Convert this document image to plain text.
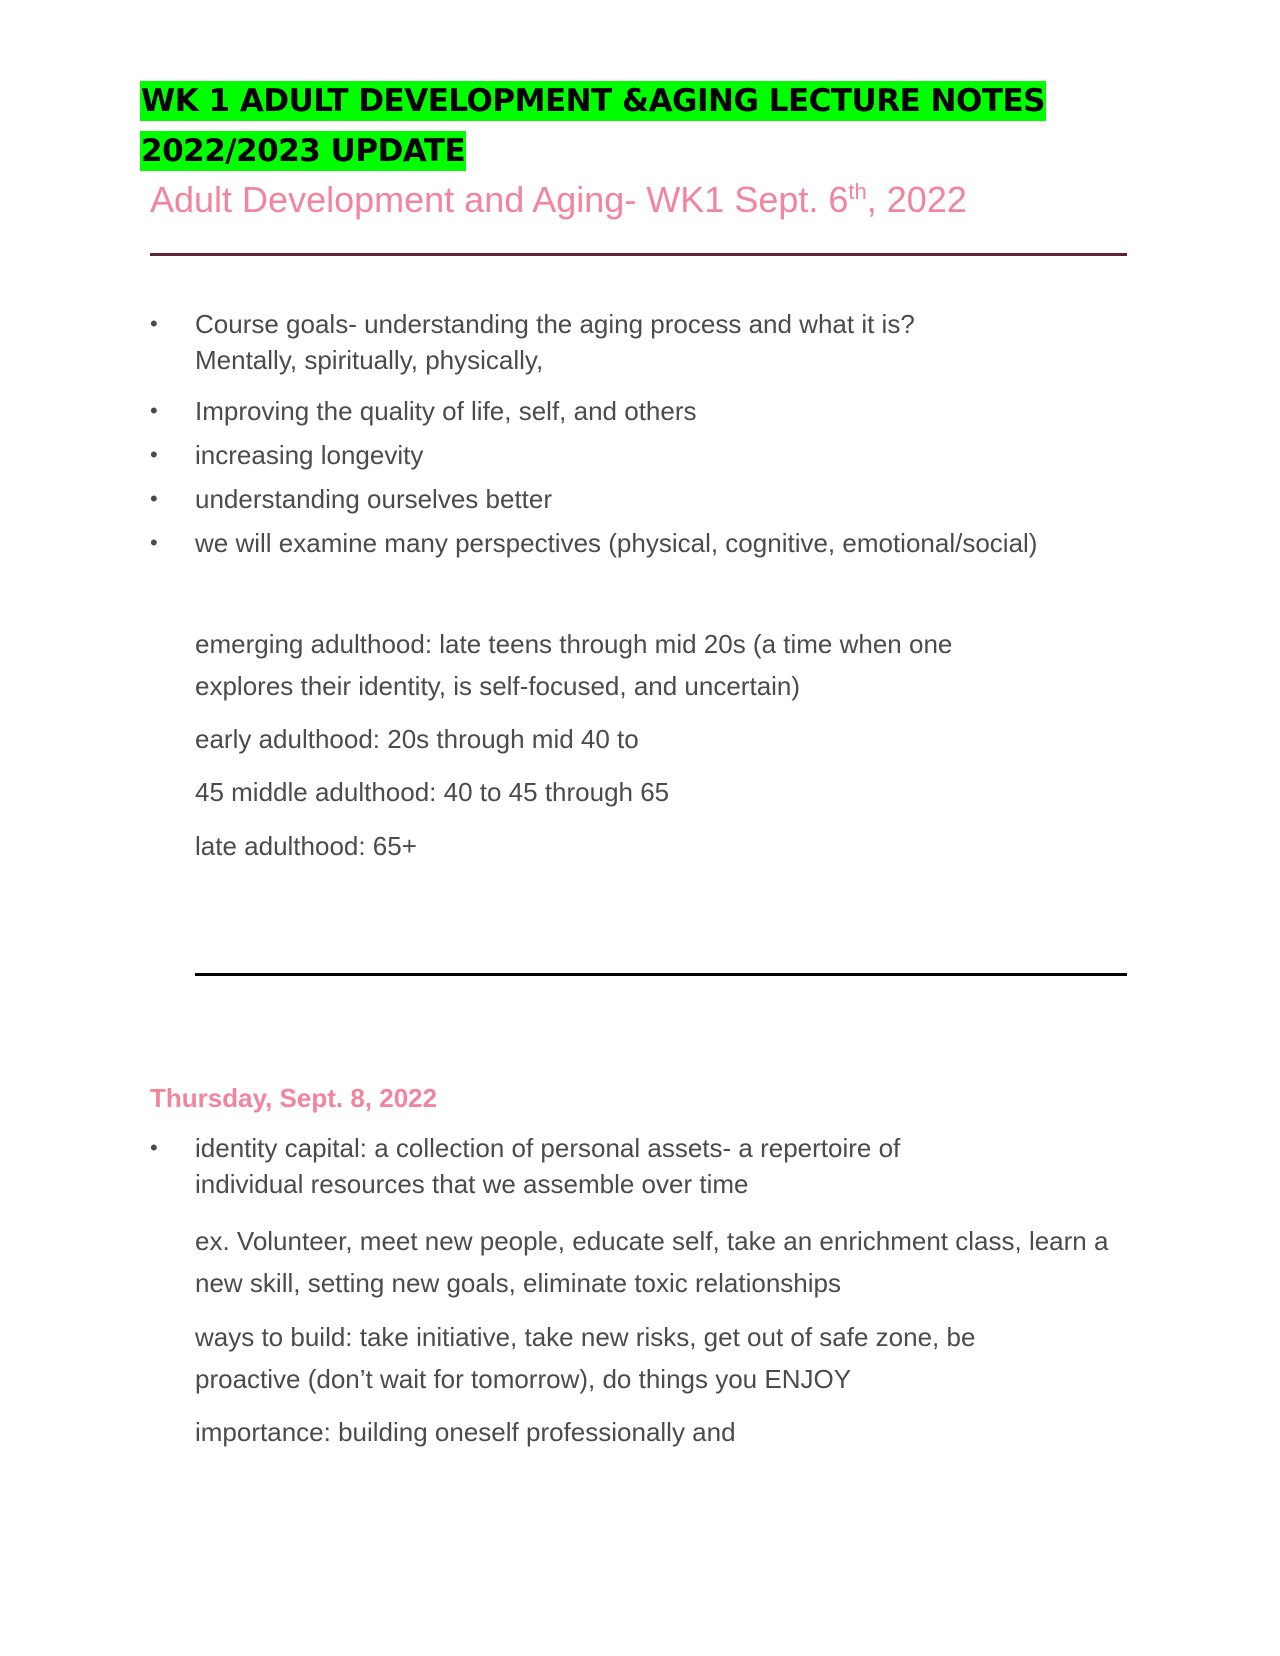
WK 1 ADULT DEVELOPMENT &AGING LECTURE NOTES
2022/2023 UPDATE
Adult Development and Aging- WK1 Sept. 6th, 2022
•	Course goals- understanding the aging process and what it is? Mentally, spiritually, physically,
•	Improving the quality of life, self, and others
•	increasing longevity
•	understanding ourselves better
•	we will examine many perspectives (physical, cognitive, emotional/social)

emerging adulthood: late teens through mid 20s (a time when one explores their identity, is self-focused, and uncertain)

early adulthood: 20s through mid 40 to

45 middle adulthood: 40 to 45 through 65

late adulthood: 65+

Thursday, Sept. 8, 2022
•	identity capital: a collection of personal assets- a repertoire of individual resources that we assemble over time

ex. Volunteer, meet new people, educate self, take an enrichment class, learn a new skill, setting new goals, eliminate toxic relationships

ways to build: take initiative, take new risks, get out of safe zone, be proactive (don’t wait for tomorrow), do things you ENJOY

importance: building oneself professionally and
